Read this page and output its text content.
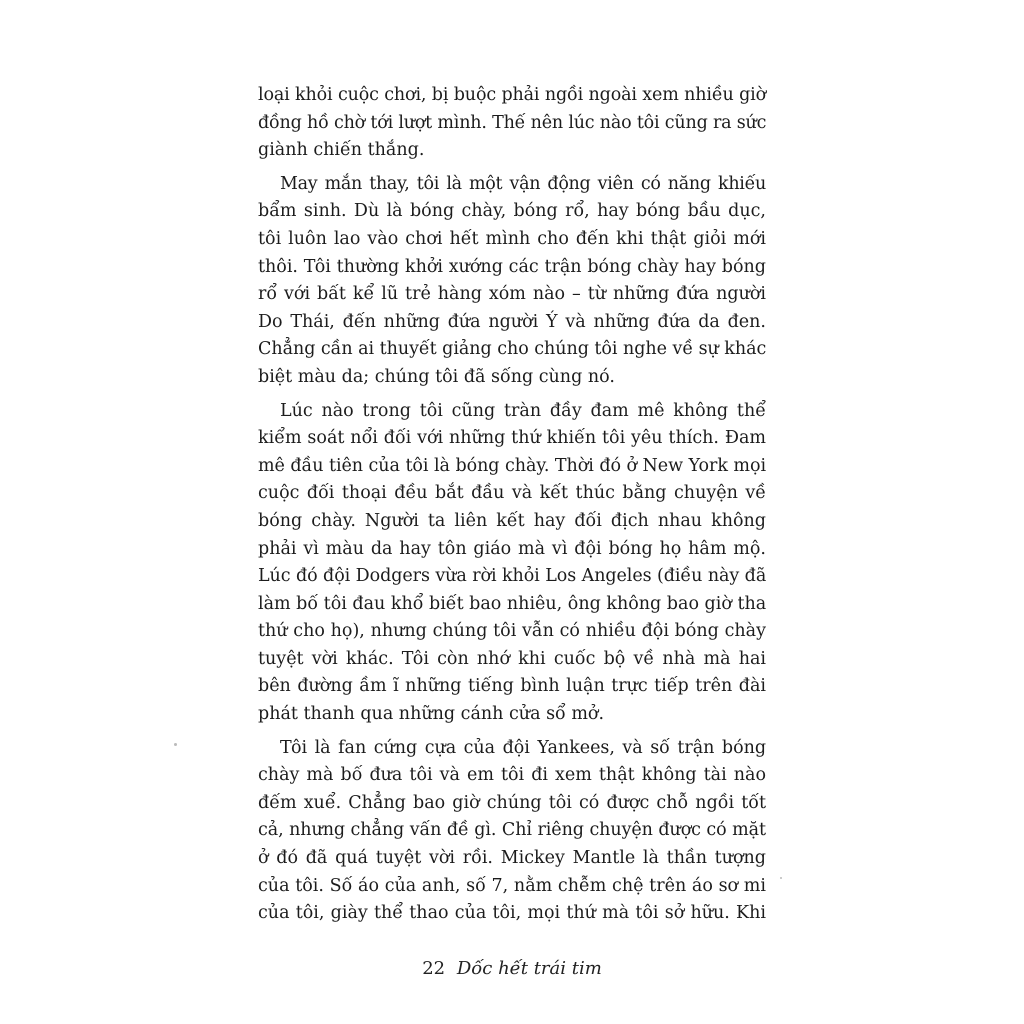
loại khỏi cuộc chơi, bị buộc phải ngồi ngoài xem nhiều giờ
đồng hồ chờ tới lượt mình. Thế nên lúc nào tôi cũng ra sức
giành chiến thắng.
May mắn thay, tôi là một vận động viên có năng khiếu
bẩm sinh. Dù là bóng chày, bóng rổ, hay bóng bầu dục,
tôi luôn lao vào chơi hết mình cho đến khi thật giỏi mới
thôi. Tôi thường khởi xướng các trận bóng chày hay bóng
rổ với bất kể lũ trẻ hàng xóm nào – từ những đứa người
Do Thái, đến những đứa người Ý và những đứa da đen.
Chẳng cần ai thuyết giảng cho chúng tôi nghe về sự khác
biệt màu da; chúng tôi đã sống cùng nó.
Lúc nào trong tôi cũng tràn đầy đam mê không thể
kiểm soát nổi đối với những thứ khiến tôi yêu thích. Đam
mê đầu tiên của tôi là bóng chày. Thời đó ở New York mọi
cuộc đối thoại đều bắt đầu và kết thúc bằng chuyện về
bóng chày. Người ta liên kết hay đối địch nhau không
phải vì màu da hay tôn giáo mà vì đội bóng họ hâm mộ.
Lúc đó đội Dodgers vừa rời khỏi Los Angeles (điều này đã
làm bố tôi đau khổ biết bao nhiêu, ông không bao giờ tha
thứ cho họ), nhưng chúng tôi vẫn có nhiều đội bóng chày
tuyệt vời khác. Tôi còn nhớ khi cuốc bộ về nhà mà hai
bên đường ầm ĩ những tiếng bình luận trực tiếp trên đài
phát thanh qua những cánh cửa sổ mở.
Tôi là fan cứng cựa của đội Yankees, và số trận bóng
chày mà bố đưa tôi và em tôi đi xem thật không tài nào
đếm xuể. Chẳng bao giờ chúng tôi có được chỗ ngồi tốt
cả, nhưng chẳng vấn đề gì. Chỉ riêng chuyện được có mặt
ở đó đã quá tuyệt vời rồi. Mickey Mantle là thần tượng
của tôi. Số áo của anh, số 7, nằm chễm chệ trên áo sơ mi
của tôi, giày thể thao của tôi, mọi thứ mà tôi sở hữu. Khi
22 Dốc hết trái tim
